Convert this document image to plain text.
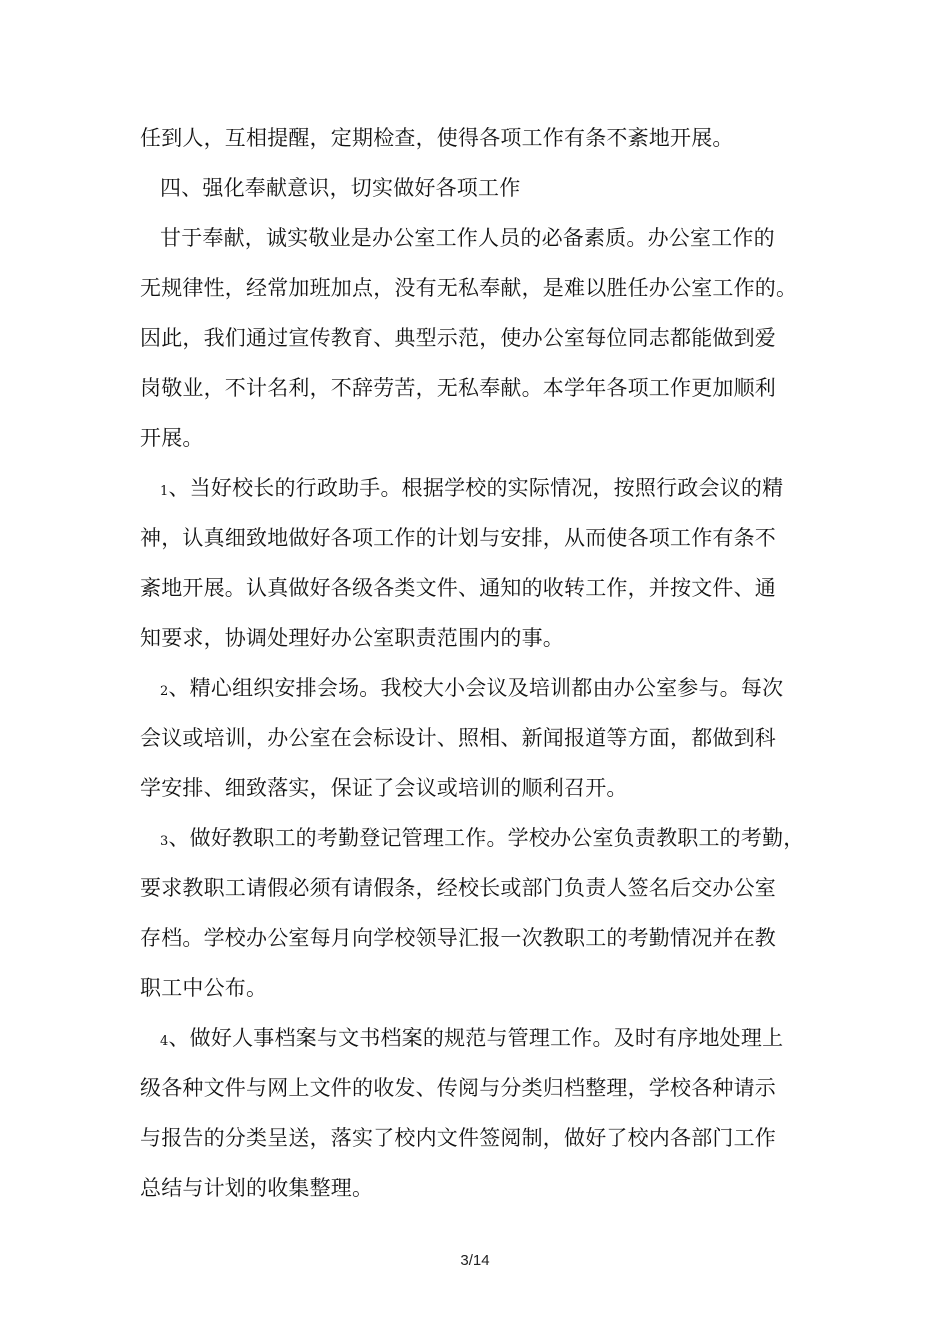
任到人，互相提醒，定期检查，使得各项工作有条不紊地开展。
四、强化奉献意识，切实做好各项工作
甘于奉献，诚实敬业是办公室工作人员的必备素质。办公室工作的
无规律性，经常加班加点，没有无私奉献，是难以胜任办公室工作的。
因此，我们通过宣传教育、典型示范，使办公室每位同志都能做到爱
岗敬业，不计名利，不辞劳苦，无私奉献。本学年各项工作更加顺利
开展。
1、当好校长的行政助手。根据学校的实际情况，按照行政会议的精
神，认真细致地做好各项工作的计划与安排，从而使各项工作有条不
紊地开展。认真做好各级各类文件、通知的收转工作，并按文件、通
知要求，协调处理好办公室职责范围内的事。
2、精心组织安排会场。我校大小会议及培训都由办公室参与。每次
会议或培训，办公室在会标设计、照相、新闻报道等方面，都做到科
学安排、细致落实，保证了会议或培训的顺利召开。
3、做好教职工的考勤登记管理工作。学校办公室负责教职工的考勤，
要求教职工请假必须有请假条，经校长或部门负责人签名后交办公室
存档。学校办公室每月向学校领导汇报一次教职工的考勤情况并在教
职工中公布。
4、做好人事档案与文书档案的规范与管理工作。及时有序地处理上
级各种文件与网上文件的收发、传阅与分类归档整理，学校各种请示
与报告的分类呈送，落实了校内文件签阅制，做好了校内各部门工作
总结与计划的收集整理。
3/14
